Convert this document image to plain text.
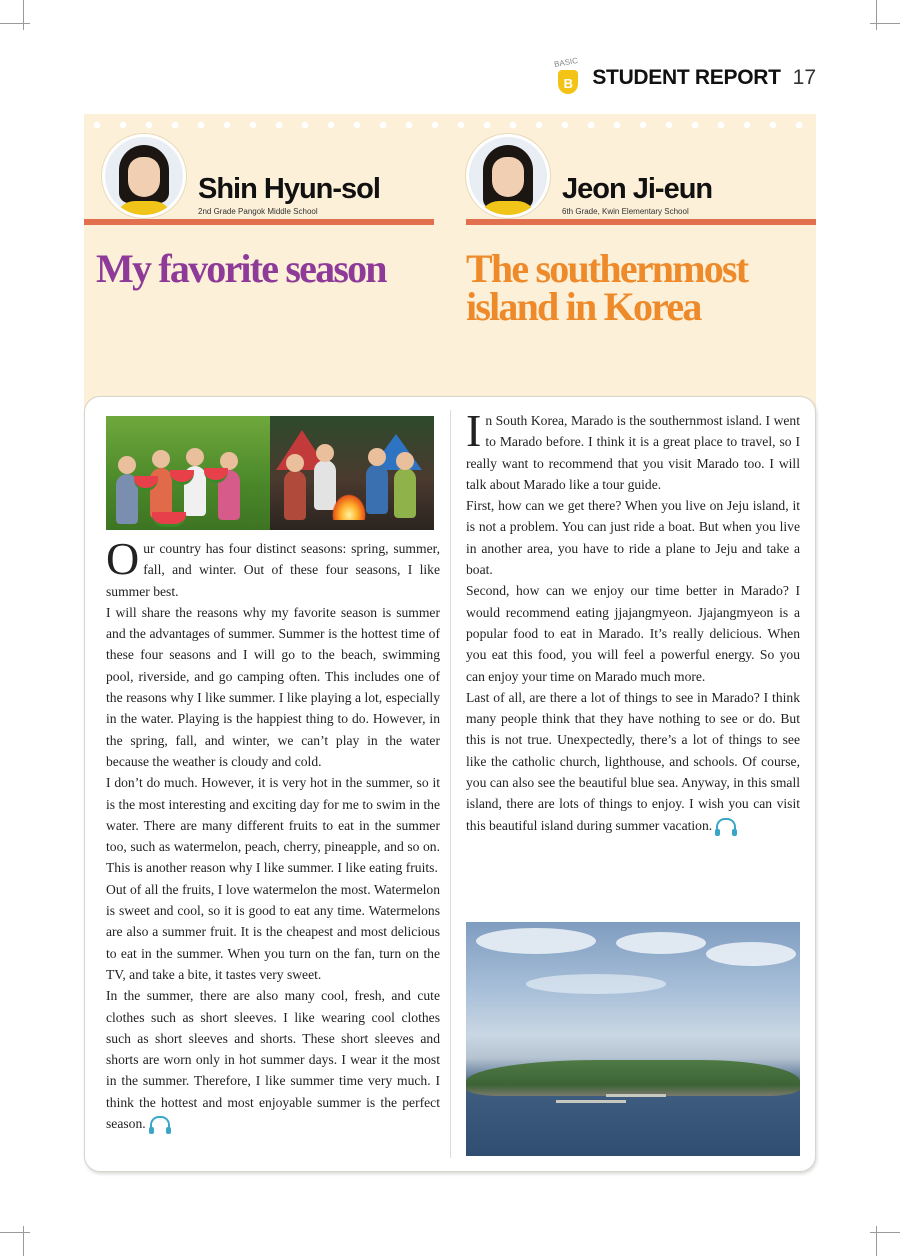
BASIC
B STUDENT REPORT 17
Shin Hyun-sol
2nd Grade Pangok Middle School
Jeon Ji-eun
6th Grade, Kwin Elementary School
My favorite season The southernmost
island in Korea

Our country has four distinct seasons: spring, summer, fall, and winter. Out of these four seasons, I like summer best.

I will share the reasons why my favorite season is summer and the advantages of summer. Summer is the hottest time of these four seasons and I will go to the beach, swimming pool, riverside, and go camping often. This includes one of the reasons why I like summer. I like playing a lot, especially in the water. Playing is the happiest thing to do. However, in the spring, fall, and winter, we can’t play in the water because the weather is cloudy and cold.

I don’t do much. However, it is very hot in the summer, so it is the most interesting and exciting day for me to swim in the water. There are many different fruits to eat in the summer too, such as watermelon, peach, cherry, pineapple, and so on. This is another reason why I like summer. I like eating fruits.

Out of all the fruits, I love watermelon the most. Watermelon is sweet and cool, so it is good to eat any time. Watermelons are also a summer fruit. It is the cheapest and most delicious to eat in the summer. When you turn on the fan, turn on the TV, and take a bite, it tastes very sweet.

In the summer, there are also many cool, fresh, and cute clothes such as short sleeves. I like wearing cool clothes such as short sleeves and shorts. These short sleeves and shorts are worn only in hot summer days. I wear it the most in the summer. Therefore, I like summer time very much. I think the hottest and most enjoyable summer is the perfect season.

In South Korea, Marado is the southernmost island. I went to Marado before. I think it is a great place to travel, so I really want to recommend that you visit Marado too. I will talk about Marado like a tour guide.

First, how can we get there? When you live on Jeju island, it is not a problem. You can just ride a boat. But when you live in another area, you have to ride a plane to Jeju and take a boat.

Second, how can we enjoy our time better in Marado? I would recommend eating jjajangmyeon. Jjajangmyeon is a popular food to eat in Marado. It’s really delicious. When you eat this food, you will feel a powerful energy. So you can enjoy your time on Marado much more.

Last of all, are there a lot of things to see in Marado? I think many people think that they have nothing to see or do. But this is not true. Unexpectedly, there’s a lot of things to see like the catholic church, lighthouse, and schools. Of course, you can also see the beautiful blue sea. Anyway, in this small island, there are lots of things to enjoy. I wish you can visit this beautiful island during summer vacation.
